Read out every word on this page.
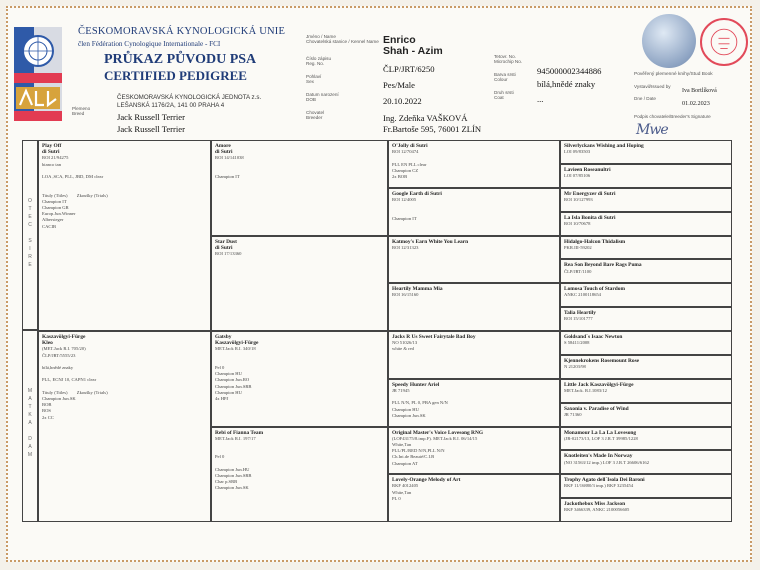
ČESKOMORAVSKÁ KYNOLOGICKÁ UNIE
člen Fédération Cynologique Internationale - FCI
PRŮKAZ PŮVODU PSA
CERTIFIED PEDIGREE
ČESKOMORAVSKÁ KYNOLOGICKÁ JEDNOTA z.s.
LEŠANSKÁ 1176/2A, 141 00 PRAHA 4
Plemeno
Breed	Jack Russell Terrier
Jack Russell Terrier
Jméno / Name
Chovatelská stanice / Kennel Name Enrico
Shah - Azim
Číslo zápisu
Reg. No.
ČLP/JRT/6250
Tetovr. No.
Microchip No.
945000002344886
Pohlaví
Sex	Pes/Male
Barva srsti
Colour	bílá,hnědé znaky
Datum narození
DOB	20.10.2022
Druh srsti
Coat	...
Chovatel
Breeder	Ing. Zdeňka VAŠKOVÁ
Fr.Bartoše 595, 76001 ZLÍN
Pověřený plemenné knihy/Stud Book
Vystavil/Issued by
Iva Bortlíková
Dne / Date
01.02.2023
Podpis chovatele/Breeder's Signature
Mwe
O
T
E
C

S
I
R
E
M
A
T
K
A

D
A
M
Play Off
di Sutri
ROI 21/94275
bianco tan

LOA ,SCA, PLL, JBD, DM clear

Tituly (Titles)        Zkoušky (Trials)
Champion IT
Champion GR
Europ.Jun.Winner
Albersieger
CACIB
Kaszavölgyi-Fürge
Kleo
(MET.Jack R.I. 705/20)
ČLP/JRT/5555/23

bílá,hnědé znaky

PLL, ECNJ 10, CAPN1 clear

Tituly (Titles)        Zkoušky (Trials)
Champion Jun.SK
BOB
BOS
2x CC
Amore
di Sutri
ROI 14/141038

Champion IT
Star Dust
di Sutri
ROI 17/13360
Gatsby
Kaszavölgyi-Fürge
MET.Jack R.I. 340/18

Pel 0
Champion HU
Champion Jun.RO
Champion Jun.SRB
Champion HU
4x HPJ
Rebi of Fianna Team
MET.Jack R.I. 197/17

Pel 0

Champion Jun.HU
Champion Jun.SRB
Char p.SRB
Champion Jun.SK
O'Jolly di Sutri
ROI 12/70474

PLL EN PLL clear
Champion CZ
2x BOB
Google Earth di Sutri
ROI 12/4005

Champion IT
Katmoy's Earn White You Learn
ROI 12/31323
Heartily Mamma Mia
ROI 16/15160
Jacks R Us Sweet Fairytale Bad Boy
NO 51026/13
white & red
Speedy Hunter Ariel
JR 71945

PLL N/N, PL 0, PBA gen N/N
Champion HU
Champion Jun.SK
Original Master's Voice Lovesong RNG
(LOF43175/8.imp.F). MET.Jack R.I. 06/14/15
White,Tan
PLL/PL/RED N/N,PLL N/N
Ch.Int.de Beauté/C.I.B
Champion AT
Lovely-Orange Melody of Art
RKF 4012405
White,Tan
PL 0
Silverlyckans Wishing and Hoping
LOI 09/83503
Lavieen Roseanultri
LOI 07/85106
Mr Energyzer di Sutri
ROI 10/127993
La Isla Bonita di Sutri
ROI 10/70678
Hidalgo-Halcon Thidalism
PKR.III-59202
Rea Son Beyond Bare Rags Puma
ČLP/JRT/1100
Lomosa Touch of Stardom
ANKC 2100118654
Talia Heartily
ROI 15/101777
Goldsand´s Isaac Newton
S 58411/2008
Kjennekrokens Rosemount Rose
N 21203/98
Little Jack Kaszavölgyi-Fürge
MET.Jack. R.I.1083/12
Saxonia v. Paradise of Wind
JR 71360
Monamour La La La Lovesong
(JR-02173/13, LOF 3 J.R.T 39985/1228
Knotleiten's Made In Norway
(NO 31563/12 imp.) LOF 3 J.R.T 26606/6162
Trophy Agato dell´Isola Dei Baroni
RKF 11/16880/3 imp.) RKF 3235454
Jackothebox Miss Jackson
RKF 3466339, ANKC 2100056605
